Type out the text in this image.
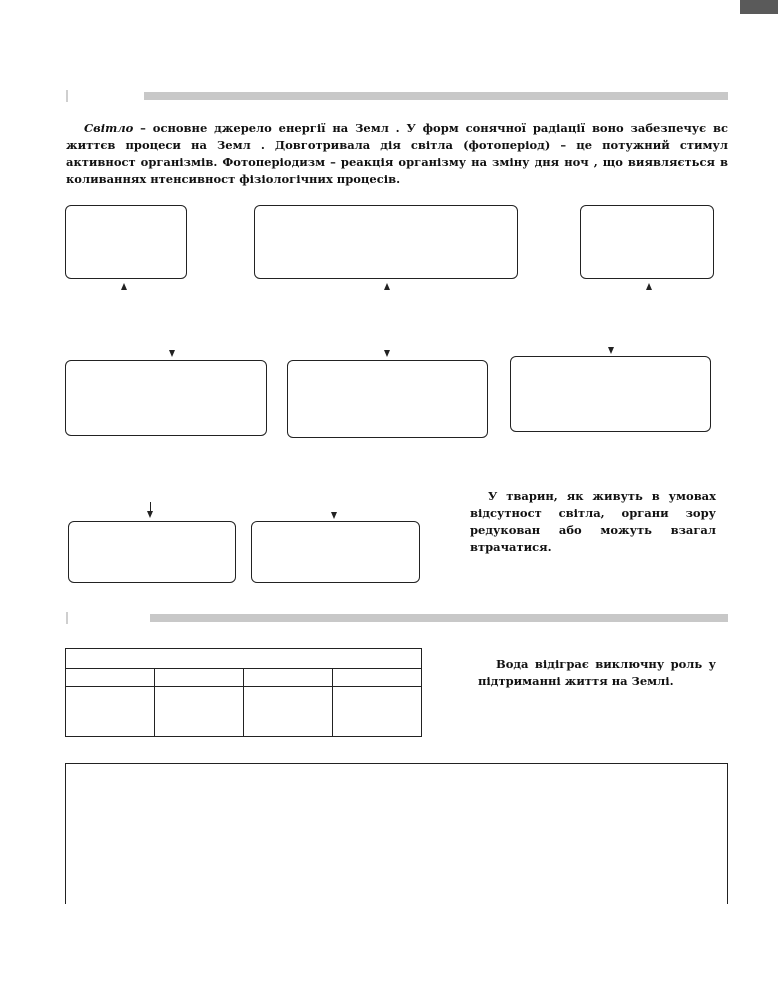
Світло – основне джерело енергії на Земл . У форм сонячної радіації воно забезпечує вс життєв процеси на Земл . Довготривала дія світла (фотоперіод) – це потужний стимул активност організмів. Фотоперіодизм – реакція організму на зміну дня ноч , що виявляється в коливаннях нтенсивност фізіологічних процесів.

У тварин, як живуть в умовах відсутност світла, органи зору редукован або можуть взагал втрачатися.

Вода відіграє виключну роль у підтриманні життя на Землі.
